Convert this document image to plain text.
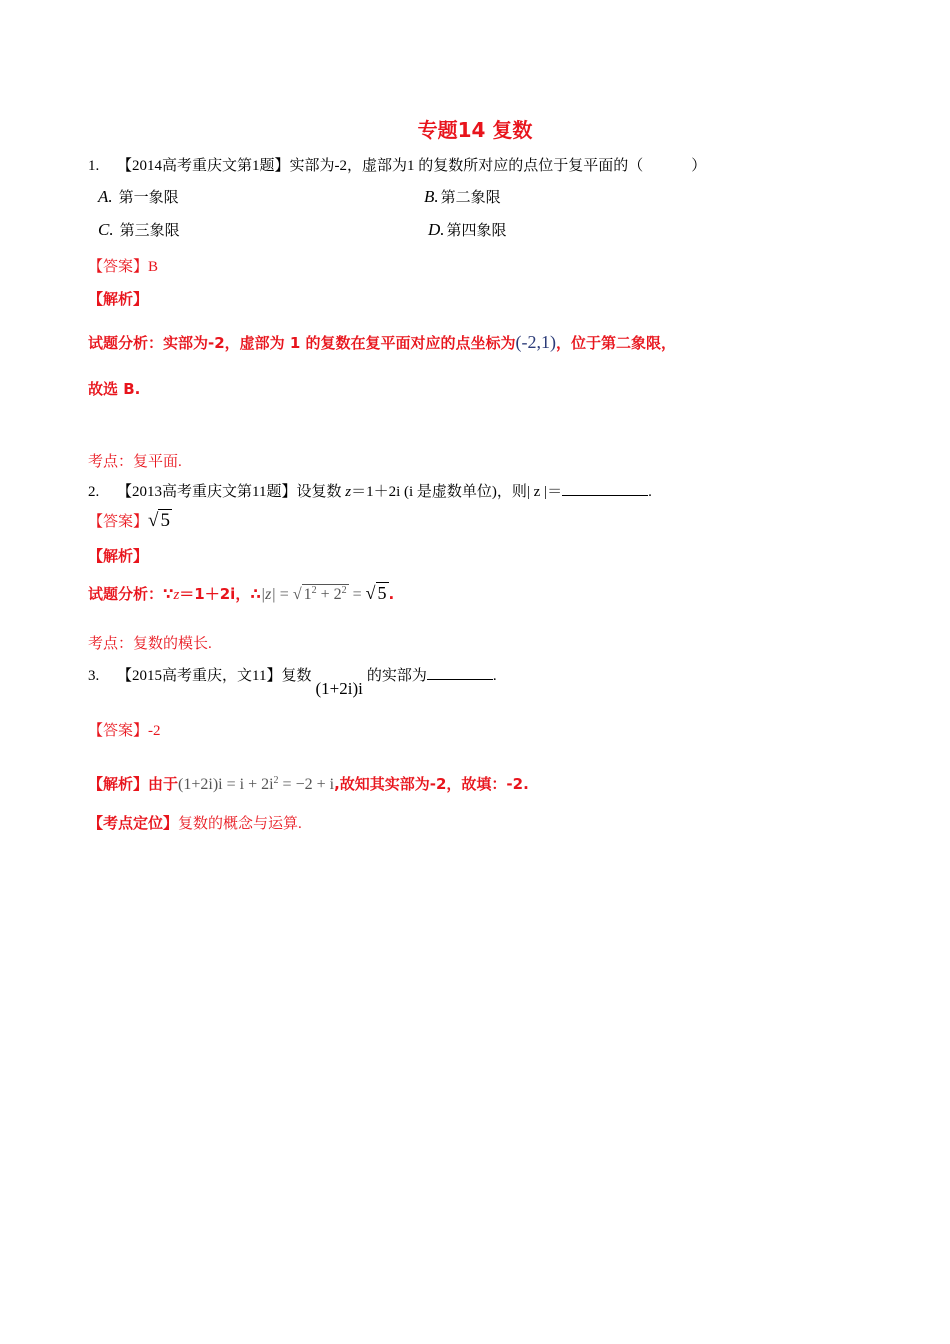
专题14 复数
1. 【2014高考重庆文第1题】实部为-2，虚部为1 的复数所对应的点位于复平面的（	）
A. 第一象限	B. 第二象限
C. 第三象限	D. 第四象限
【答案】B
【解析】
试题分析：实部为-2，虚部为 1 的复数在复平面对应的点坐标为(-2,1)，位于第二象限，
故选 B.
考点：复平面.
2. 【2013高考重庆文第11题】设复数 z＝1＋2i (i 是虚数单位)，则| z |＝	.
【答案】√ 5
【解析】
试题分析：∵z＝1＋2i，∴|z| = √ $1^2 + 2^2$ = √ 5 .
考点：复数的模长.
3. 【2015高考重庆，文11】复数(1+2i)i的实部为	.
【答案】-2
【解析】由于$(1+2i)i = i + 2i^2 = -2 + i$,故知其实部为-2，故填：-2.
【考点定位】复数的概念与运算.
